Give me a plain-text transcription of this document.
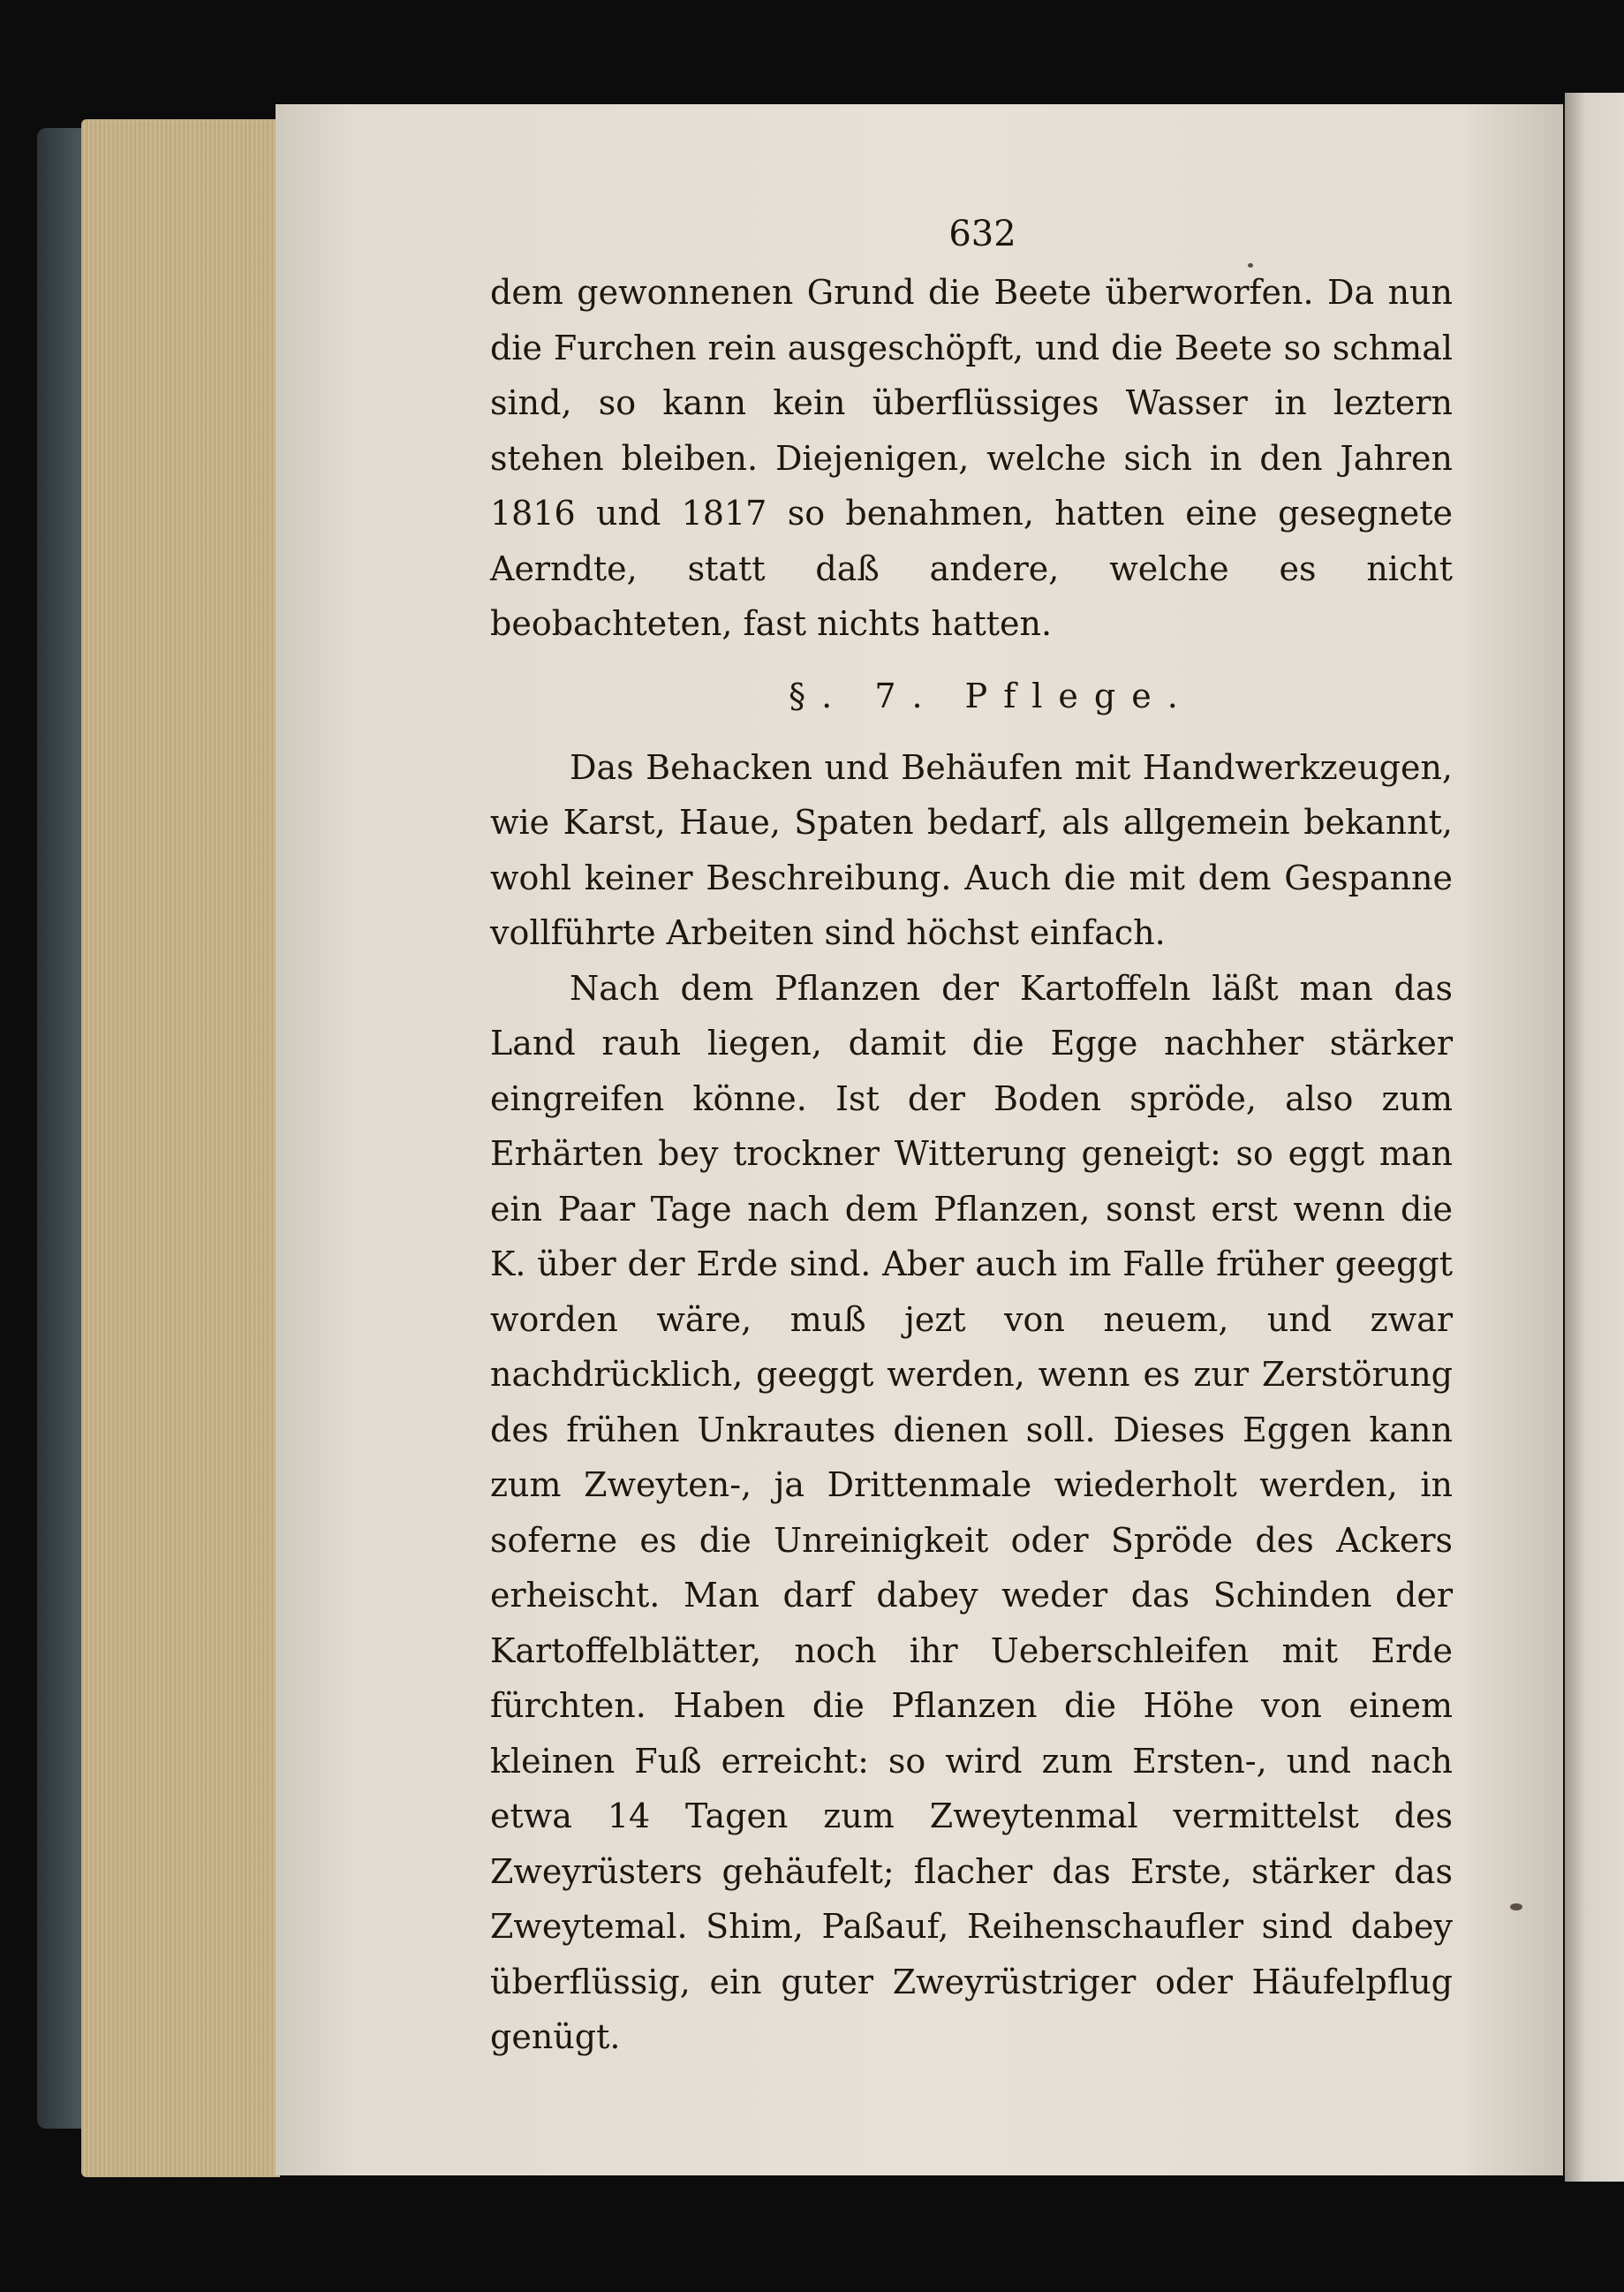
632

dem gewonnenen Grund die Beete überworfen. Da nun die Furchen rein ausgeschöpft, und die Beete so schmal sind, so kann kein überflüssiges Wasser in leztern stehen bleiben. Diejenigen, welche sich in den Jahren 1816 und 1817 so benahmen, hatten eine gesegnete Aerndte, statt daß andere, welche es nicht beobachteten, fast nichts hatten.

§. 7. Pflege.

Das Behacken und Behäufen mit Handwerkzeugen, wie Karst, Haue, Spaten bedarf, als allgemein bekannt, wohl keiner Beschreibung. Auch die mit dem Gespanne vollführte Arbeiten sind höchst einfach.

Nach dem Pflanzen der Kartoffeln läßt man das Land rauh liegen, damit die Egge nachher stärker eingreifen könne. Ist der Boden spröde, also zum Erhärten bey trockner Witterung geneigt: so eggt man ein Paar Tage nach dem Pflanzen, sonst erst wenn die K. über der Erde sind. Aber auch im Falle früher geeggt worden wäre, muß jezt von neuem, und zwar nachdrücklich, geeggt werden, wenn es zur Zerstörung des frühen Unkrautes dienen soll. Dieses Eggen kann zum Zweyten-, ja Drittenmale wiederholt werden, in soferne es die Unreinigkeit oder Spröde des Ackers erheischt. Man darf dabey weder das Schinden der Kartoffelblätter, noch ihr Ueberschleifen mit Erde fürchten. Haben die Pflanzen die Höhe von einem kleinen Fuß erreicht: so wird zum Ersten-, und nach etwa 14 Tagen zum Zweytenmal vermittelst des Zweyrüsters gehäufelt; flacher das Erste, stärker das Zweytemal. Shim, Paßauf, Reihenschaufler sind dabey überflüssig, ein guter Zweyrüstriger oder Häufelpflug genügt.
